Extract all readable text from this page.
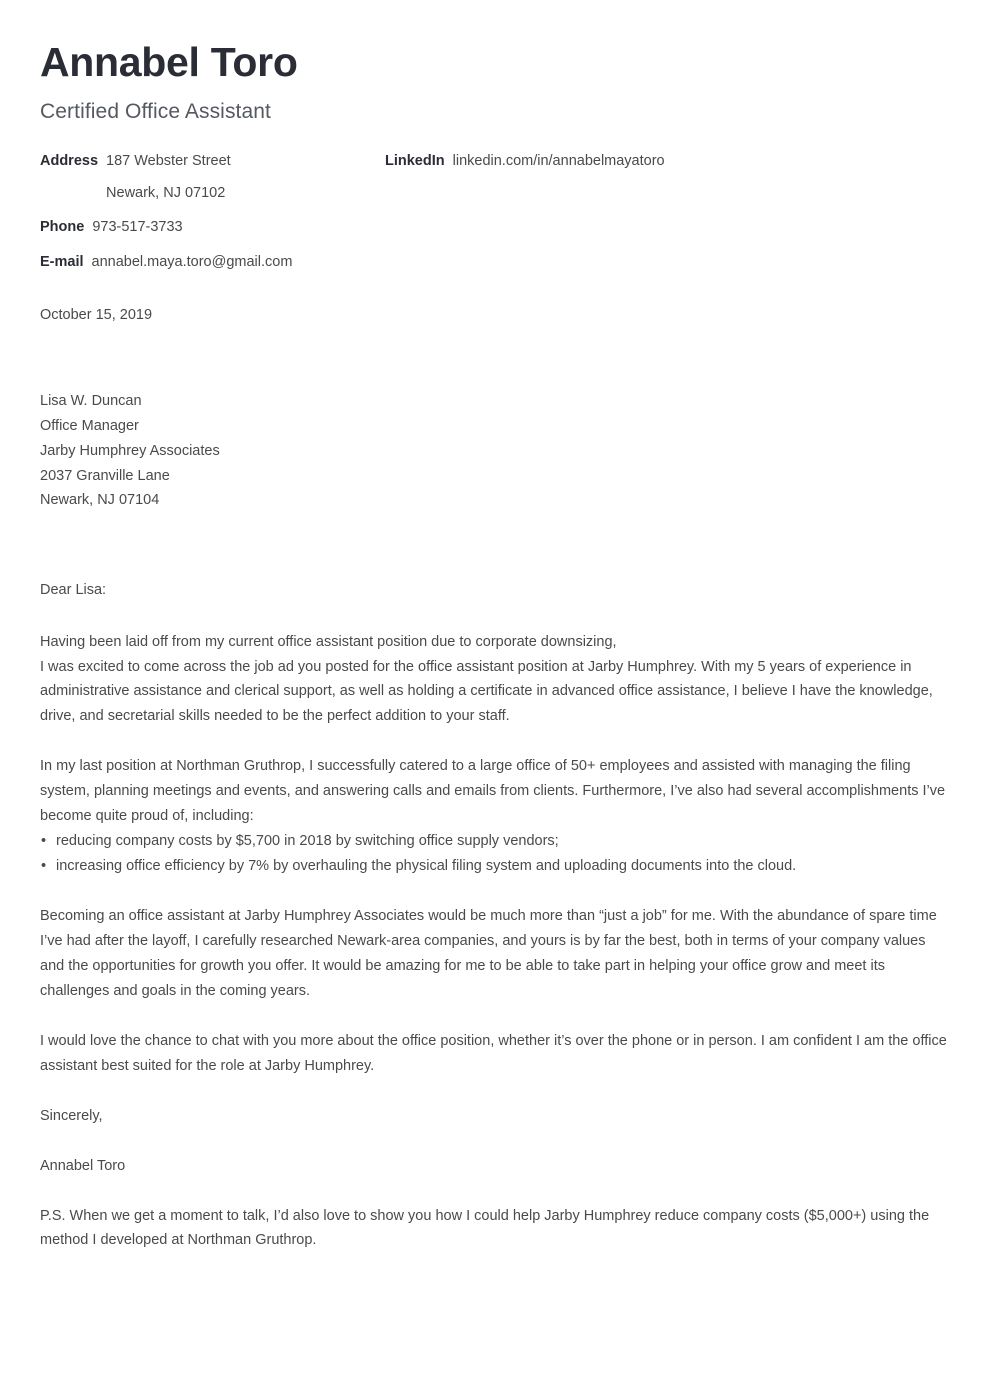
Annabel Toro
Certified Office Assistant
Address 187 Webster Street
Newark, NJ 07102
Phone 973-517-3733
E-mail annabel.maya.toro@gmail.com
LinkedIn linkedin.com/in/annabelmayatoro
October 15, 2019
Lisa W. Duncan
Office Manager
Jarby Humphrey Associates
2037 Granville Lane
Newark, NJ 07104
Dear Lisa:
Having been laid off from my current office assistant position due to corporate downsizing,
I was excited to come across the job ad you posted for the office assistant position at Jarby Humphrey. With my 5 years of experience in administrative assistance and clerical support, as well as holding a certificate in advanced office assistance, I believe I have the knowledge, drive, and secretarial skills needed to be the perfect addition to your staff.
In my last position at Northman Gruthrop, I successfully catered to a large office of 50+ employees and assisted with managing the filing system, planning meetings and events, and answering calls and emails from clients. Furthermore, I’ve also had several accomplishments I’ve become quite proud of, including:
• reducing company costs by $5,700 in 2018 by switching office supply vendors;
• increasing office efficiency by 7% by overhauling the physical filing system and uploading documents into the cloud.
Becoming an office assistant at Jarby Humphrey Associates would be much more than “just a job” for me. With the abundance of spare time I’ve had after the layoff, I carefully researched Newark-area companies, and yours is by far the best, both in terms of your company values and the opportunities for growth you offer. It would be amazing for me to be able to take part in helping your office grow and meet its challenges and goals in the coming years.
I would love the chance to chat with you more about the office position, whether it’s over the phone or in person. I am confident I am the office assistant best suited for the role at Jarby Humphrey.
Sincerely,
Annabel Toro
P.S. When we get a moment to talk, I’d also love to show you how I could help Jarby Humphrey reduce company costs ($5,000+) using the method I developed at Northman Gruthrop.
